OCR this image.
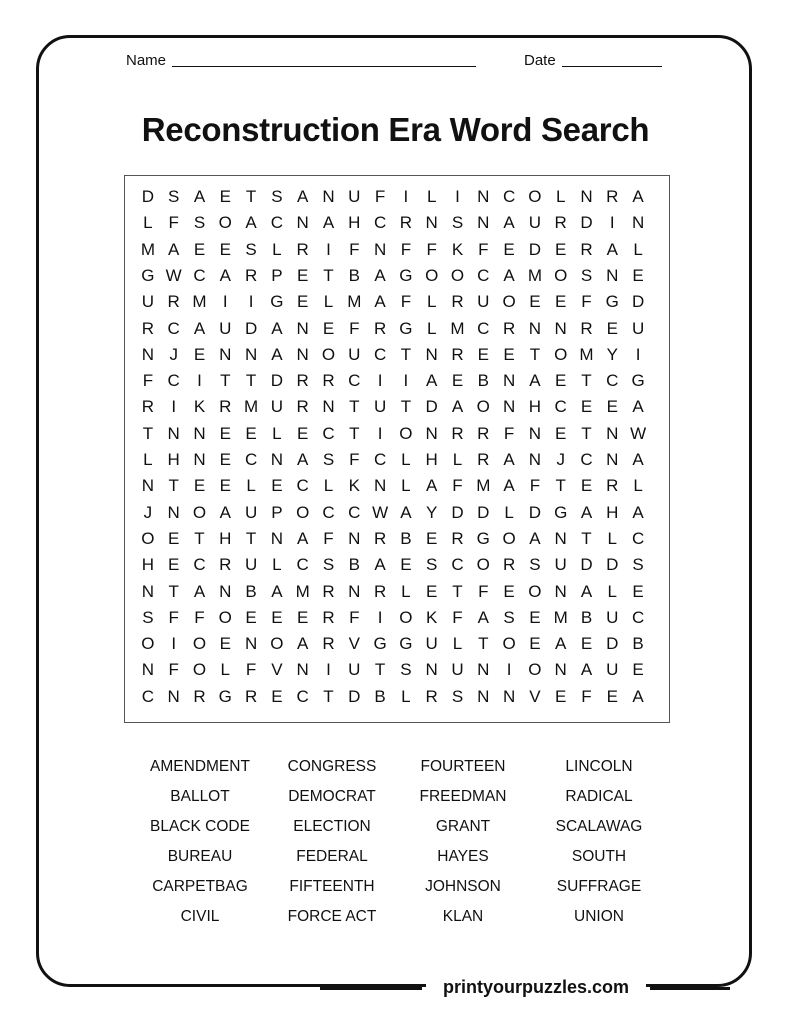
Name	Date
Reconstruction Era Word Search
D S A E T S A N U F	I	L	I	N C O L N R A
L F S O A C N A H C R N S N A U R D	I	N
M A E E S L R	I	F N F F K F E D E R A L
G W C A R P E T B A G O O C A M O S N E
U R M I	I G E L M A F L R U O E E F G D
R C A U D A N E F R G L M C R N N R E U
N J E N N A N O U C T N R E E T O M Y	I
F C	I	T T D R R C	I	I	A E B N A E T C G
R	I	K R M U R N T U T D A O N H C E E A
T N N E E L E C T	I O N R R F N E T N W
L H N E C N A S F C L H L R A N J C N A
N T E E L E C L K N L A F M A F T E R L
J N O A U P O C C W A Y D D L D G A H A
O E T H T N A F N R B E R G O A N T L C
H E C R U L C S B A E S C O R S U D D S
N T A N B A M R N R L E T F E O N A L E
S F F O E E E R F	I O K F A S E M B U C
O I O E N O A R V G G U L T O E A E D B
N F O L F V N	I	U T S N U N	I O N A U E
C N R G R E C T D B L R S N N V E F E A
AMENDMENT	CONGRESS	FOURTEEN	LINCOLN
BALLOT	DEMOCRAT	FREEDMAN	RADICAL
BLACK CODE	ELECTION	GRANT	SCALAWAG
BUREAU	FEDERAL	HAYES	SOUTH
CARPETBAG	FIFTEENTH	JOHNSON	SUFFRAGE
CIVIL	FORCE ACT	KLAN	UNION
printyourpuzzles.com
